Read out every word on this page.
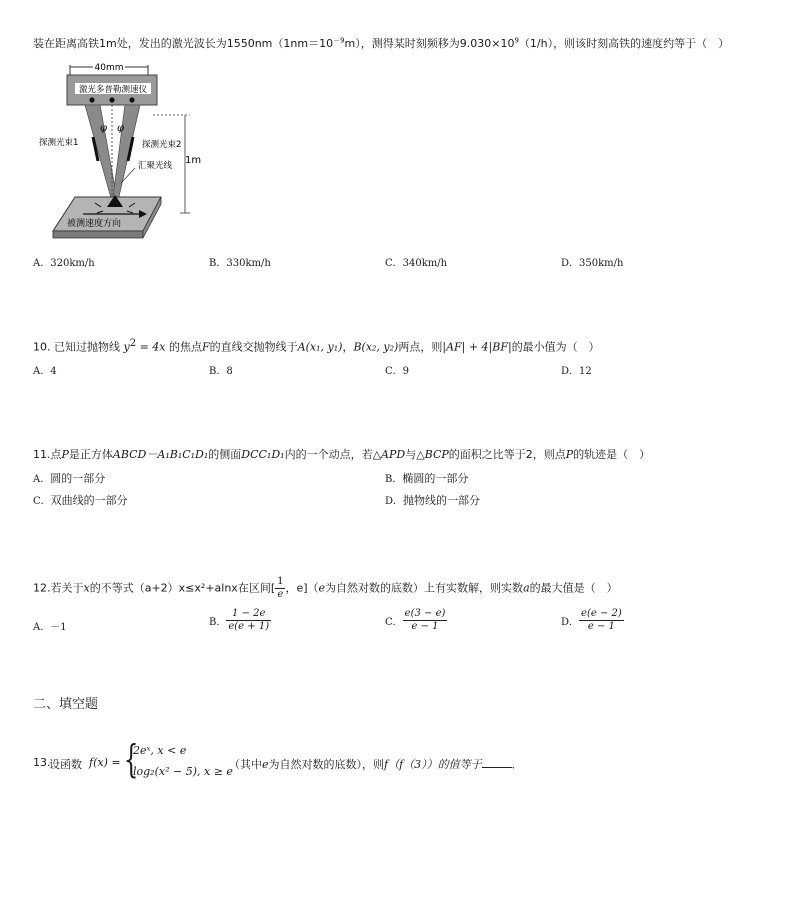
装在距离高铁1m处，发出的激光波长为$1550nm(1nm=10^{-9}m)$，测得某时刻频移为$9.030\times 10^9(1/h)$，则该时刻高铁的速度约等于（　）
40mm
激光多普勒测速仪
φ φ
探测光束1	探测光束2
汇聚光线 1m
被测速度方向
A．320km/h	B．330km/h	C．340km/h	D．350km/h
10. 已知过抛物线 $y^2 = 4x$ 的焦点F的直线交抛物线于A(x₁, y₁)，B(x₂, y₂)两点，则|AF| + 4|BF|的最小值为（　）
A．4	B．8	C．9	D．12
11.点P是正方体ABCD－A₁B₁C₁D₁的侧面DCC₁D₁内的一个动点，若△APD与△BCP的面积之比等于2，则点P的轨迹是（　）
A．圆的一部分	B．椭圆的一部分
C．双曲线的一部分	D．抛物线的一部分
12.若关于x的不等式（a+2）x≤x²+alnx在区间[ $\frac{1}{e}$ ，e]（e为自然对数的底数）上有实数解，则实数a的最大值是（　）
A．－1	B． $\frac{1 - 2e}{e(e + 1)}$	C． $\frac{e(3 - e)}{e - 1}$	D． $\frac{e(e - 2)}{e - 1}$
二、填空题
13.
设函数 f(x) = {
2eˣ, x < e
log₂(x² − 5), x ≥ e
（其中e为自然对数的底数），则f（f（3））的值等于	．
